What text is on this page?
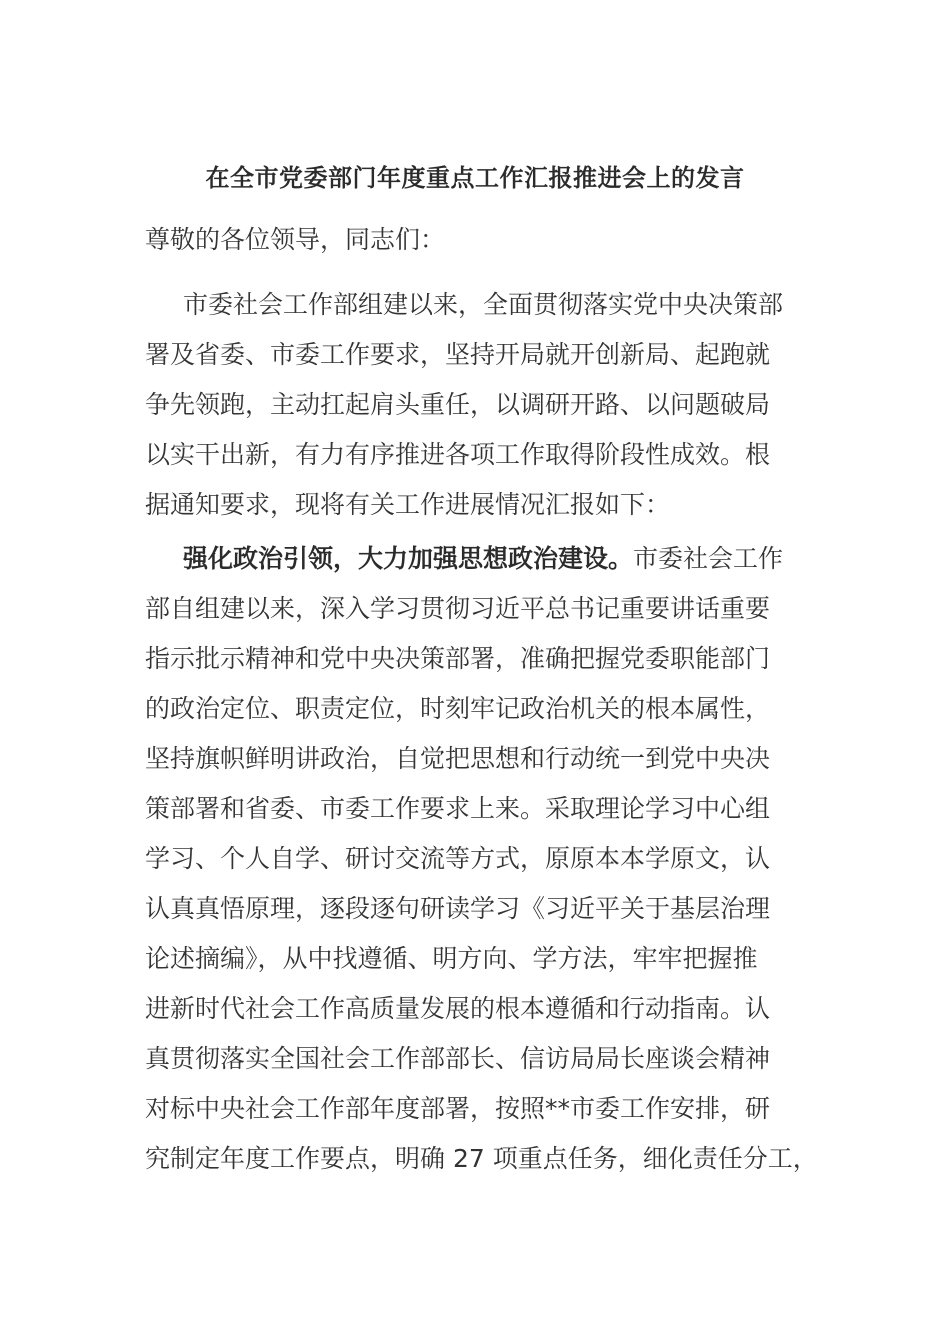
在全市党委部门年度重点工作汇报推进会上的发言
尊敬的各位领导，同志们：
市委社会工作部组建以来，全面贯彻落实党中央决策部
署及省委、市委工作要求，坚持开局就开创新局、起跑就
争先领跑，主动扛起肩头重任，以调研开路、以问题破局
以实干出新，有力有序推进各项工作取得阶段性成效。根
据通知要求，现将有关工作进展情况汇报如下：
强化政治引领，大力加强思想政治建设。市委社会工作
部自组建以来，深入学习贯彻习近平总书记重要讲话重要
指示批示精神和党中央决策部署，准确把握党委职能部门
的政治定位、职责定位，时刻牢记政治机关的根本属性，
坚持旗帜鲜明讲政治，自觉把思想和行动统一到党中央决
策部署和省委、市委工作要求上来。采取理论学习中心组
学习、个人自学、研讨交流等方式，原原本本学原文，认
认真真悟原理，逐段逐句研读学习《习近平关于基层治理
论述摘编》，从中找遵循、明方向、学方法，牢牢把握推
进新时代社会工作高质量发展的根本遵循和行动指南。认
真贯彻落实全国社会工作部部长、信访局局长座谈会精神
对标中央社会工作部年度部署，按照**市委工作安排，研
究制定年度工作要点，明确 27 项重点任务，细化责任分工，
